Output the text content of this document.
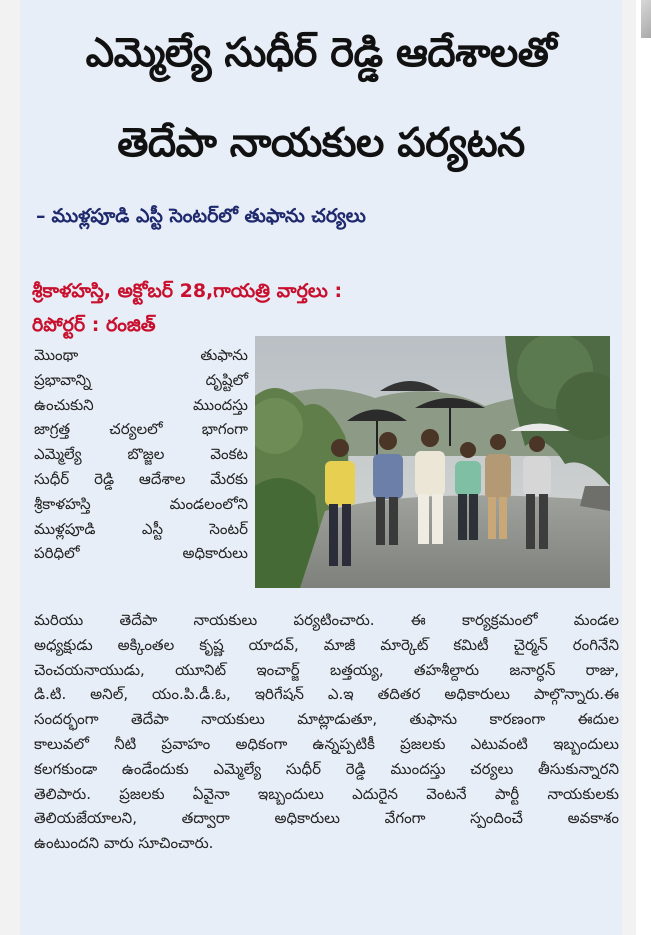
ఎమ్మెల్యే సుధీర్ రెడ్డి ఆదేశాలతో
తెదేపా నాయకుల పర్యటన
– ముళ్లపూడి ఎస్టీ సెంటర్‌లో తుఫాను చర్యలు
శ్రీకాళహస్తి, అక్టోబర్ 28,గాయత్రి వార్తలు :
రిపోర్టర్ : రంజిత్

మొంథా తుఫాను

ప్రభావాన్ని దృష్టిలో

ఉంచుకుని ముందస్తు

జాగ్రత్త చర్యలలో భాగంగా

ఎమ్మెల్యే బొజ్జల వెంకట

సుధీర్ రెడ్డి ఆదేశాల మేరకు

శ్రీకాళహస్తి మండలంలోని

ముళ్లపూడి ఎస్టీ సెంటర్

పరిధిలో అధికారులు

మరియు తెదేపా నాయకులు పర్యటించారు. ఈ కార్యక్రమంలో మండల

అధ్యక్షుడు అక్కింతల కృష్ణ యాదవ్, మాజీ మార్కెట్ కమిటీ చైర్మన్ రంగినేని

చెంచయనాయుడు, యూనిట్ ఇంచార్జ్ బత్తయ్య, తహశీల్దారు జనార్ధన్ రాజు,

డి.టి. అనిల్, యం.పి.డీ.ఓ, ఇరిగేషన్ ఎ.ఇ తదితర అధికారులు పాల్గొన్నారు.ఈ

సందర్భంగా తెదేపా నాయకులు మాట్లాడుతూ, తుఫాను కారణంగా ఈదుల

కాలువలో నీటి ప్రవాహం అధికంగా ఉన్నప్పటికీ ప్రజలకు ఎటువంటి ఇబ్బందులు

కలగకుండా ఉండేందుకు ఎమ్మెల్యే సుధీర్ రెడ్డి ముందస్తు చర్యలు తీసుకున్నారని

తెలిపారు. ప్రజలకు ఏవైనా ఇబ్బందులు ఎదురైన వెంటనే పార్టీ నాయకులకు

తెలియజేయాలని, తద్వారా అధికారులు వేగంగా స్పందించే అవకాశం

ఉంటుందని వారు సూచించారు.
